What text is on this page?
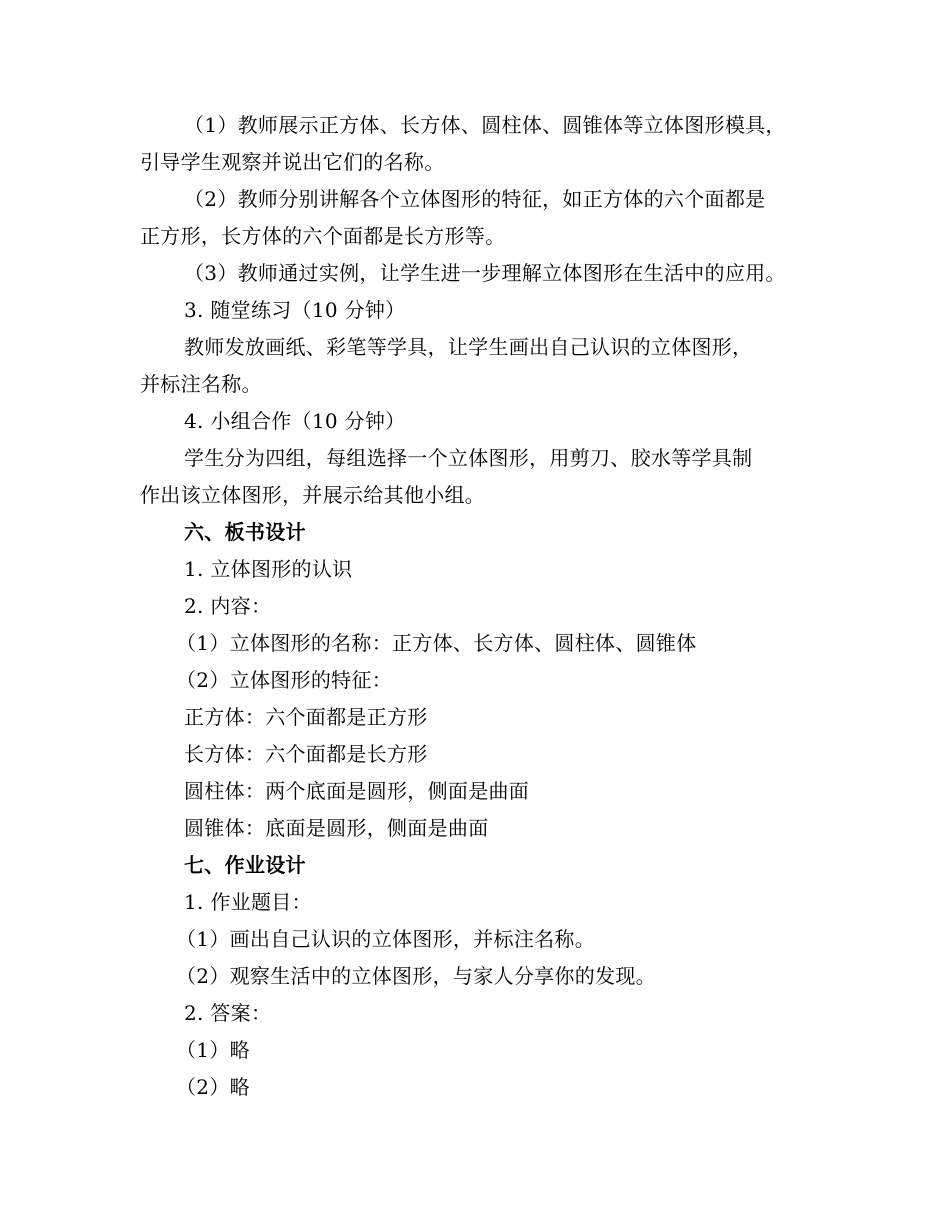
（1）教师展示正方体、长方体、圆柱体、圆锥体等立体图形模具，
引导学生观察并说出它们的名称。
（2）教师分别讲解各个立体图形的特征，如正方体的六个面都是
正方形，长方体的六个面都是长方形等。
（3）教师通过实例，让学生进一步理解立体图形在生活中的应用。
3. 随堂练习（10 分钟）
教师发放画纸、彩笔等学具，让学生画出自己认识的立体图形，
并标注名称。
4. 小组合作（10 分钟）
学生分为四组，每组选择一个立体图形，用剪刀、胶水等学具制
作出该立体图形，并展示给其他小组。
六、板书设计
1. 立体图形的认识
2. 内容：
（1）立体图形的名称：正方体、长方体、圆柱体、圆锥体
（2）立体图形的特征：
正方体：六个面都是正方形
长方体：六个面都是长方形
圆柱体：两个底面是圆形，侧面是曲面
圆锥体：底面是圆形，侧面是曲面
七、作业设计
1. 作业题目：
（1）画出自己认识的立体图形，并标注名称。
（2）观察生活中的立体图形，与家人分享你的发现。
2. 答案：
（1）略
（2）略
